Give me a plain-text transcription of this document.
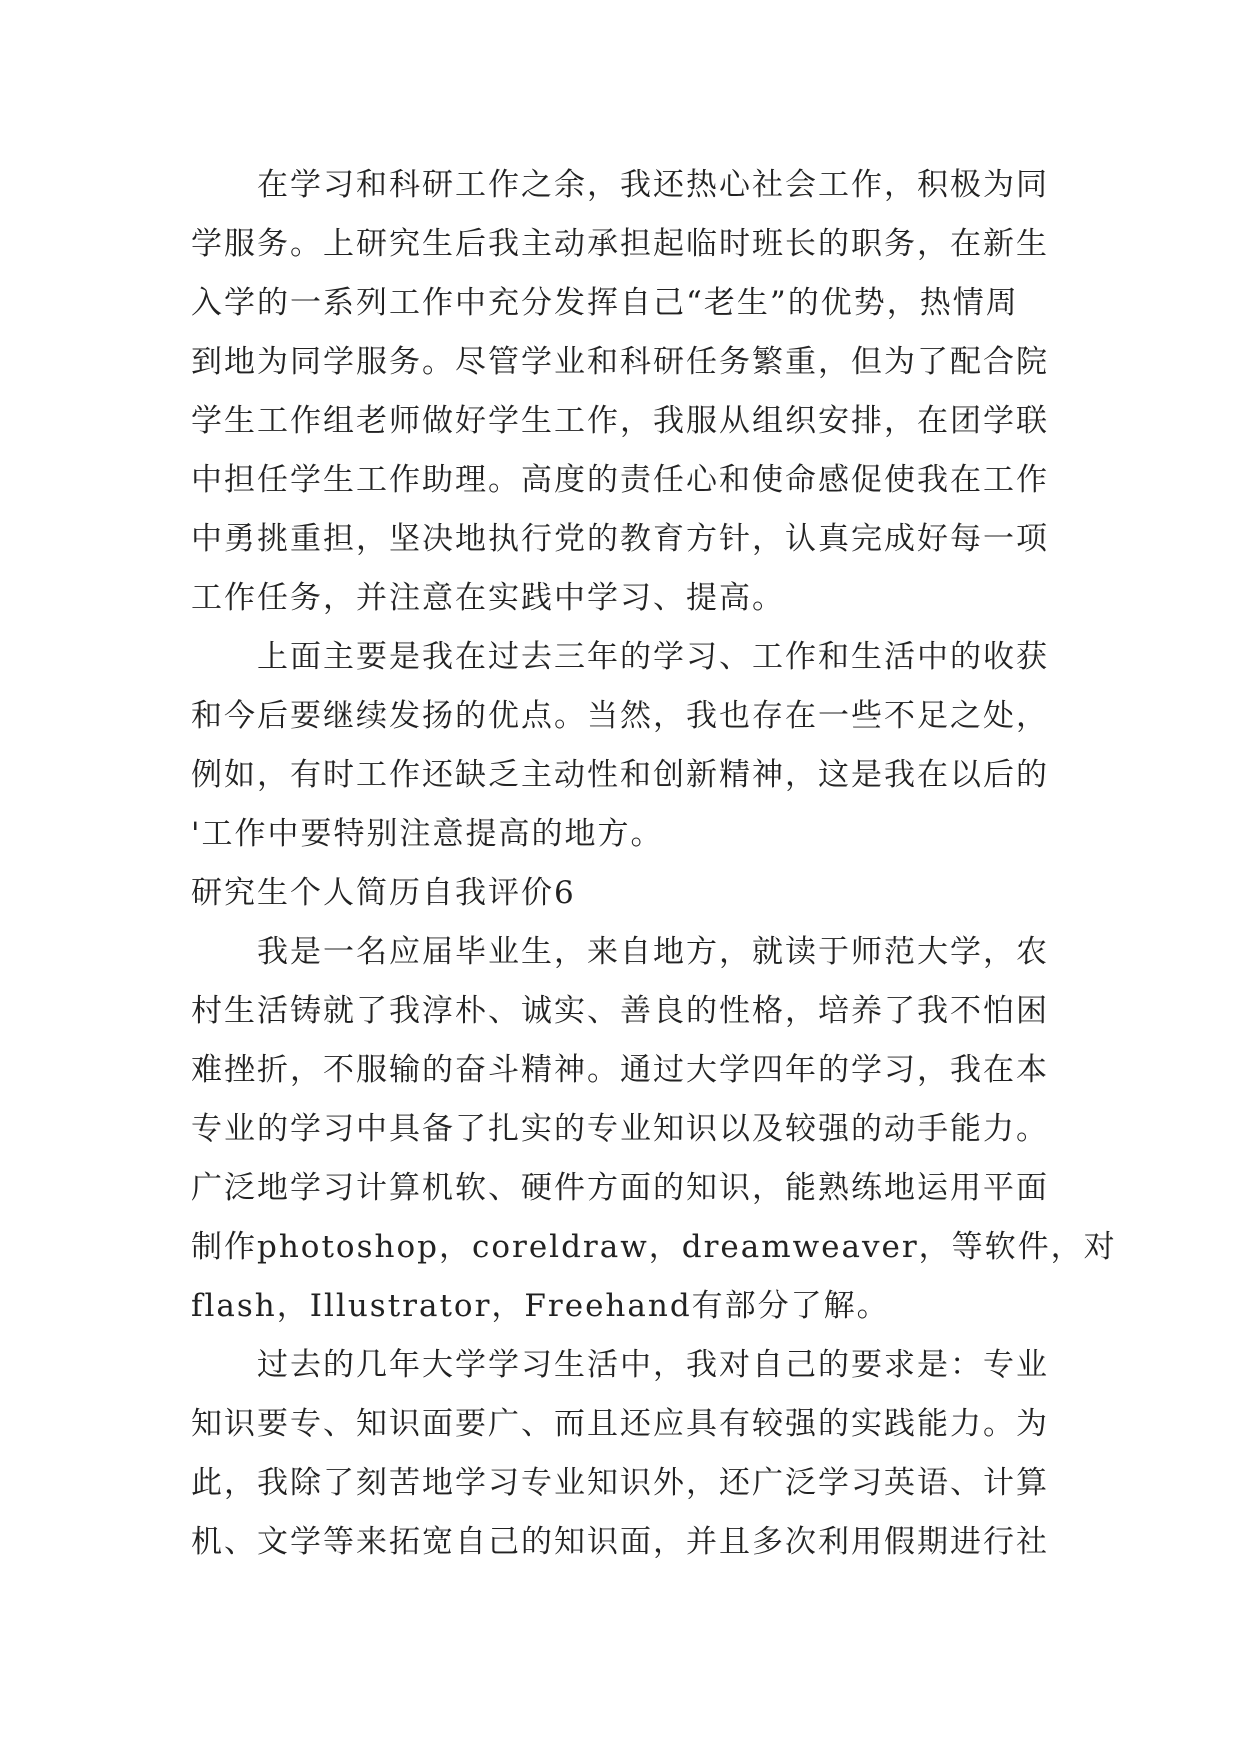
在学习和科研工作之余，我还热心社会工作，积极为同
学服务。上研究生后我主动承担起临时班长的职务，在新生
入学的一系列工作中充分发挥自己“老生”的优势，热情周
到地为同学服务。尽管学业和科研任务繁重，但为了配合院
学生工作组老师做好学生工作，我服从组织安排，在团学联
中担任学生工作助理。高度的责任心和使命感促使我在工作
中勇挑重担，坚决地执行党的教育方针，认真完成好每一项
工作任务，并注意在实践中学习、提高。
上面主要是我在过去三年的学习、工作和生活中的收获
和今后要继续发扬的优点。当然，我也存在一些不足之处，
例如，有时工作还缺乏主动性和创新精神，这是我在以后的
'工作中要特别注意提高的地方。
研究生个人简历自我评价6
我是一名应届毕业生，来自地方，就读于师范大学，农
村生活铸就了我淳朴、诚实、善良的性格，培养了我不怕困
难挫折，不服输的奋斗精神。通过大学四年的学习，我在本
专业的学习中具备了扎实的专业知识以及较强的动手能力。
广泛地学习计算机软、硬件方面的知识，能熟练地运用平面
制作photoshop，coreldraw，dreamweaver，等软件，对
flash，Illustrator，Freehand有部分了解。
过去的几年大学学习生活中，我对自己的要求是：专业
知识要专、知识面要广、而且还应具有较强的实践能力。为
此，我除了刻苦地学习专业知识外，还广泛学习英语、计算
机、文学等来拓宽自己的知识面，并且多次利用假期进行社
